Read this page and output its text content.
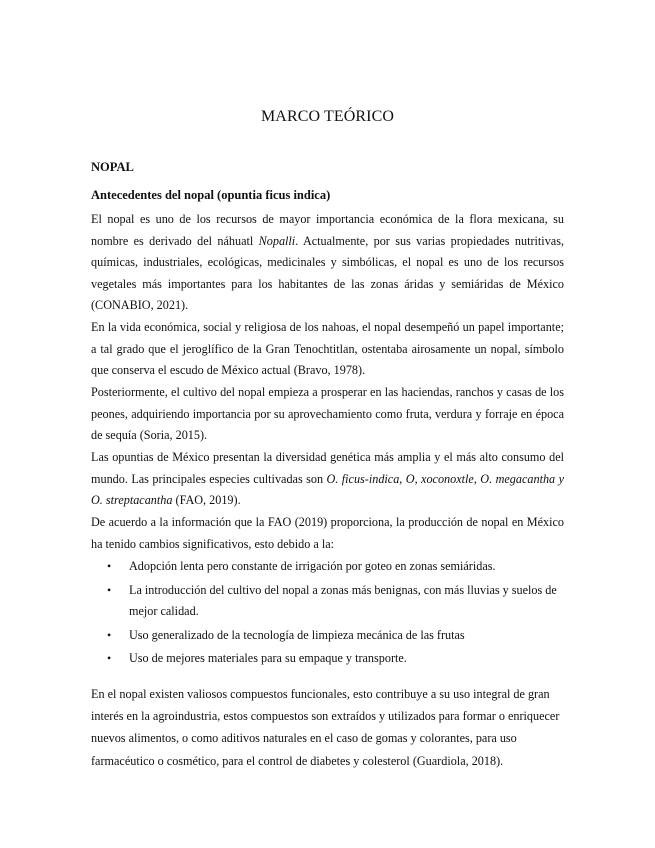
MARCO TEÓRICO
NOPAL
Antecedentes del nopal (opuntia ficus indica)
El nopal es uno de los recursos de mayor importancia económica de la flora mexicana, su nombre es derivado del náhuatl Nopalli. Actualmente, por sus varias propiedades nutritivas, químicas, industriales, ecológicas, medicinales y simbólicas, el nopal es uno de los recursos vegetales más importantes para los habitantes de las zonas áridas y semiáridas de México (CONABIO, 2021).
En la vida económica, social y religiosa de los nahoas, el nopal desempeñó un papel importante; a tal grado que el jeroglífico de la Gran Tenochtitlan, ostentaba airosamente un nopal, símbolo que conserva el escudo de México actual (Bravo, 1978).
Posteriormente, el cultivo del nopal empieza a prosperar en las haciendas, ranchos y casas de los peones, adquiriendo importancia por su aprovechamiento como fruta, verdura y forraje en época de sequía (Soria, 2015).
Las opuntias de México presentan la diversidad genética más amplia y el más alto consumo del mundo. Las principales especies cultivadas son O. ficus-indica, O, xoconoxtle, O. megacantha y O. streptacantha (FAO, 2019).
De acuerdo a la información que la FAO (2019) proporciona, la producción de nopal en México ha tenido cambios significativos, esto debido a la:
• Adopción lenta pero constante de irrigación por goteo en zonas semiáridas.
• La introducción del cultivo del nopal a zonas más benignas, con más lluvias y suelos de mejor calidad.
• Uso generalizado de la tecnología de limpieza mecánica de las frutas
• Uso de mejores materiales para su empaque y transporte.
En el nopal existen valiosos compuestos funcionales, esto contribuye a su uso integral de gran interés en la agroindustria, estos compuestos son extraídos y utilizados para formar o enriquecer nuevos alimentos, o como aditivos naturales en el caso de gomas y colorantes, para uso farmacéutico o cosmético, para el control de diabetes y colesterol (Guardiola, 2018).
